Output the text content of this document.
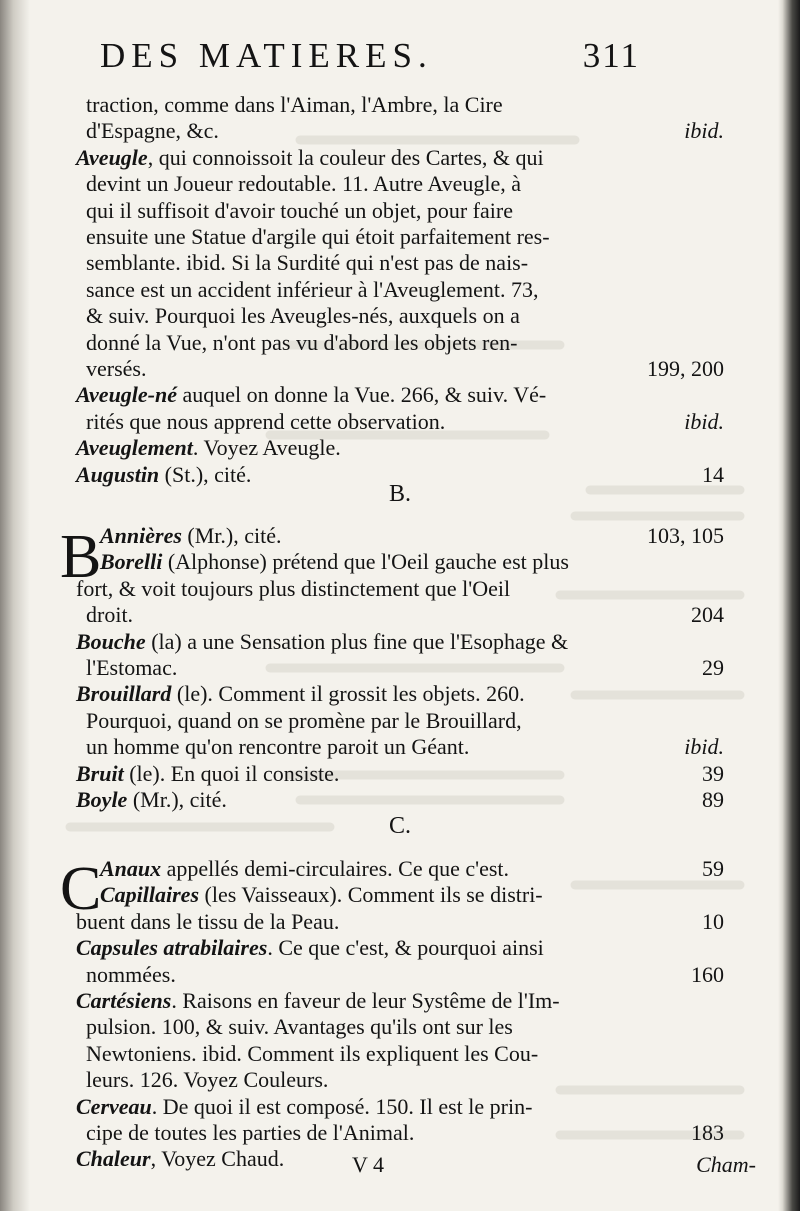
DES MATIERES.	311
traction, comme dans l'Aiman, l'Ambre, la Cire
d'Espagne, &c.	ibid.
Aveugle, qui connoissoit la couleur des Cartes, & qui
devint un Joueur redoutable. 11. Autre Aveugle, à
qui il suffisoit d'avoir touché un objet, pour faire
ensuite une Statue d'argile qui étoit parfaitement res-
semblante. ibid. Si la Surdité qui n'est pas de nais-
sance est un accident inférieur à l'Aveuglement. 73,
& suiv. Pourquoi les Aveugles-nés, auxquels on a
donné la Vue, n'ont pas vu d'abord les objets ren-
versés.	199, 200
Aveugle-né auquel on donne la Vue. 266, & suiv. Vé-
rités que nous apprend cette observation.	ibid.
Aveuglement. Voyez Aveugle.
Augustin (St.), cité.	14
B.
B
Annières (Mr.), cité.	103, 105
Borelli (Alphonse) prétend que l'Oeil gauche est plus
fort, & voit toujours plus distinctement que l'Oeil
droit.	204
Bouche (la) a une Sensation plus fine que l'Esophage &
l'Estomac.	29
Brouillard (le). Comment il grossit les objets. 260.
Pourquoi, quand on se promène par le Brouillard,
un homme qu'on rencontre paroit un Géant.	ibid.
Bruit (le). En quoi il consiste.	39
Boyle (Mr.), cité.	89
C.
C
Anaux appellés demi-circulaires. Ce que c'est.	59
Capillaires (les Vaisseaux). Comment ils se distri-
buent dans le tissu de la Peau.	10
Capsules atrabilaires. Ce que c'est, & pourquoi ainsi
nommées.	160
Cartésiens. Raisons en faveur de leur Systême de l'Im-
pulsion. 100, & suiv. Avantages qu'ils ont sur les
Newtoniens. ibid. Comment ils expliquent les Cou-
leurs. 126. Voyez Couleurs.
Cerveau. De quoi il est composé. 150. Il est le prin-
cipe de toutes les parties de l'Animal.	183
Chaleur, Voyez Chaud.	V 4	Cham-
